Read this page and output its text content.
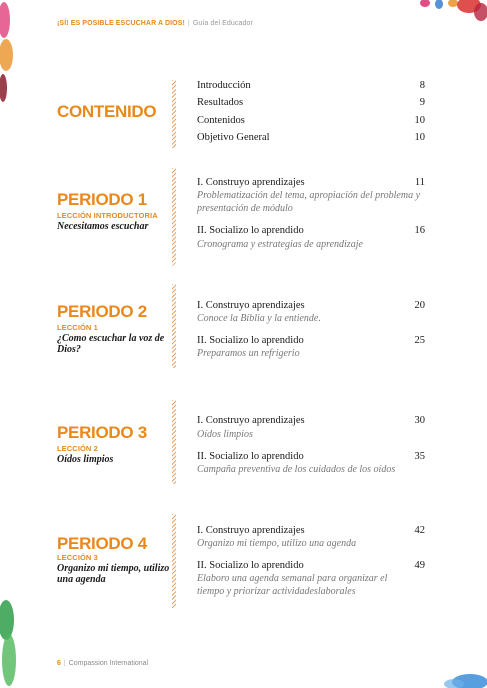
¡SÍ! ES POSIBLE ESCUCHAR A DIOS! | Guía del Educador
CONTENIDO
Introducción	8
Resultados	9
Contenidos	10
Objetivo General	10
PERIODO 1
LECCIÓN INTRODUCTORIA
Necesitamos escuchar
I. Construyo aprendizajes	11
Problematización del tema, apropiación del problema y presentación de módulo
II. Socializo lo aprendido	16
Cronograma y estrategias de aprendizaje
PERIODO 2
LECCIÓN 1
¿Como escuchar la voz de Dios?
I. Construyo aprendizajes	20
Conoce la Biblia y la entiende.
II. Socializo lo aprendido	25
Preparamos un refrigerio
PERIODO 3
LECCIÓN 2
Oídos limpios
I. Construyo aprendizajes	30
Oídos limpios
II. Socializo lo aprendido	35
Campaña preventiva de los cuidados de los oídos
PERIODO 4
LECCIÓN 3
Organizo mi tiempo, utilizo una agenda
I. Construyo aprendizajes	42
Organizo mi tiempo, utilizo una agenda
II. Socializo lo aprendido	49
Elaboro una agenda semanal para organizar el tiempo y priorizar actividadeslaborales
6 | Compassion International
